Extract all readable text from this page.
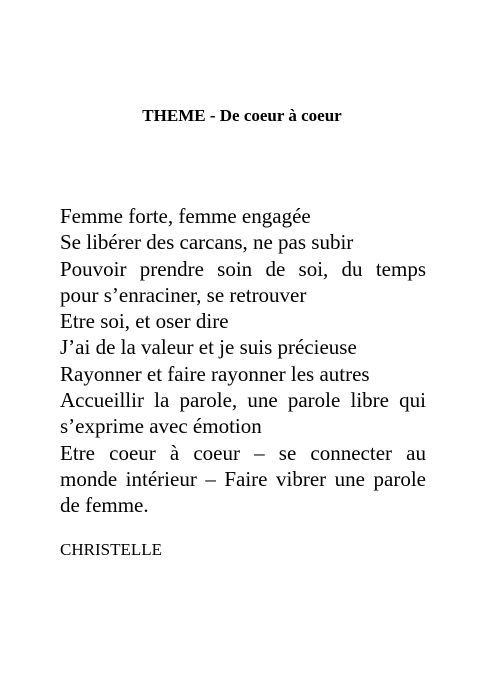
THEME - De coeur à coeur
Femme forte, femme engagée
Se libérer des carcans, ne pas subir
Pouvoir prendre soin de soi, du temps
pour s’enraciner, se retrouver
Etre soi, et oser dire
J’ai de la valeur et je suis précieuse
Rayonner et faire rayonner les autres
Accueillir la parole, une parole libre qui
s’exprime avec émotion
Etre coeur à coeur – se connecter au
monde intérieur – Faire vibrer une parole
de femme.
CHRISTELLE
